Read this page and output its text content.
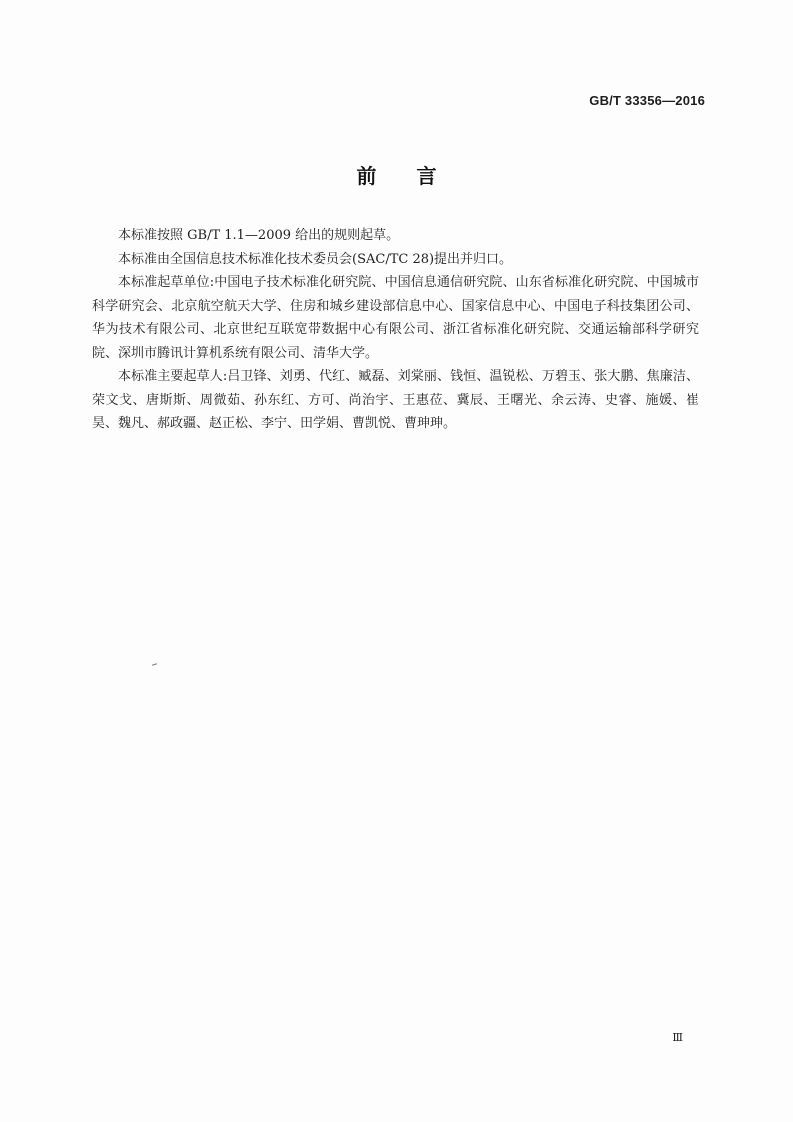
GB/T 33356—2016
前言

本标准按照 GB/T 1.1—2009 给出的规则起草。

本标准由全国信息技术标准化技术委员会(SAC/TC 28)提出并归口。

本标准起草单位:中国电子技术标准化研究院、中国信息通信研究院、山东省标准化研究院、中国城市科学研究会、北京航空航天大学、住房和城乡建设部信息中心、国家信息中心、中国电子科技集团公司、华为技术有限公司、北京世纪互联宽带数据中心有限公司、浙江省标准化研究院、交通运输部科学研究院、深圳市腾讯计算机系统有限公司、清华大学。

本标准主要起草人:吕卫锋、刘勇、代红、臧磊、刘棠丽、钱恒、温锐松、万碧玉、张大鹏、焦廉洁、荣文戈、唐斯斯、周微茹、孙东红、方可、尚治宇、王惠莅、冀辰、王曙光、余云涛、史睿、施媛、崔昊、魏凡、郝政疆、赵正松、李宁、田学娟、曹凯悦、曹珅珅。

Ⅲ
